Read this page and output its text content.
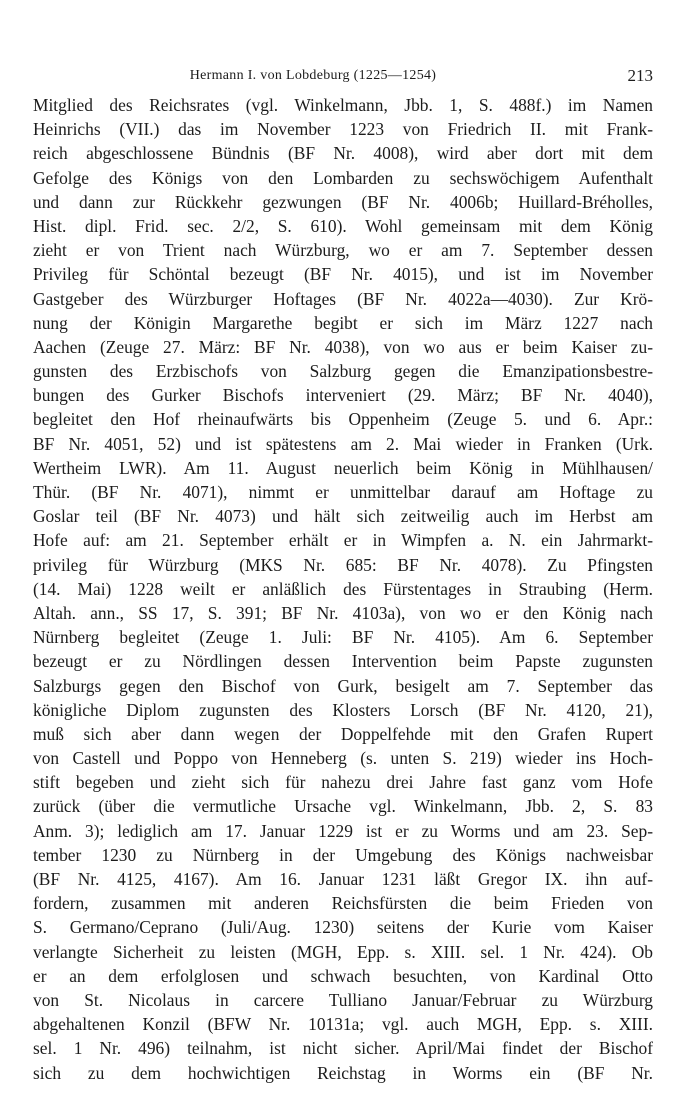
Hermann I. von Lobdeburg (1225—1254)	213
Mitglied des Reichsrates (vgl. Winkelmann, Jbb. 1, S. 488f.) im Namen
Heinrichs (VII.) das im November 1223 von Friedrich II. mit Frank-
reich abgeschlossene Bündnis (BF Nr. 4008), wird aber dort mit dem
Gefolge des Königs von den Lombarden zu sechswöchigem Aufenthalt
und dann zur Rückkehr gezwungen (BF Nr. 4006b; Huillard-Bréholles,
Hist. dipl. Frid. sec. 2/2, S. 610). Wohl gemeinsam mit dem König
zieht er von Trient nach Würzburg, wo er am 7. September dessen
Privileg für Schöntal bezeugt (BF Nr. 4015), und ist im November
Gastgeber des Würzburger Hoftages (BF Nr. 4022a—4030). Zur Krö-
nung der Königin Margarethe begibt er sich im März 1227 nach
Aachen (Zeuge 27. März: BF Nr. 4038), von wo aus er beim Kaiser zu-
gunsten des Erzbischofs von Salzburg gegen die Emanzipationsbestre-
bungen des Gurker Bischofs interveniert (29. März; BF Nr. 4040),
begleitet den Hof rheinaufwärts bis Oppenheim (Zeuge 5. und 6. Apr.:
BF Nr. 4051, 52) und ist spätestens am 2. Mai wieder in Franken (Urk.
Wertheim LWR). Am 11. August neuerlich beim König in Mühlhausen/
Thür. (BF Nr. 4071), nimmt er unmittelbar darauf am Hoftage zu
Goslar teil (BF Nr. 4073) und hält sich zeitweilig auch im Herbst am
Hofe auf: am 21. September erhält er in Wimpfen a. N. ein Jahrmarkt-
privileg für Würzburg (MKS Nr. 685: BF Nr. 4078). Zu Pfingsten
(14. Mai) 1228 weilt er anläßlich des Fürstentages in Straubing (Herm.
Altah. ann., SS 17, S. 391; BF Nr. 4103a), von wo er den König nach
Nürnberg begleitet (Zeuge 1. Juli: BF Nr. 4105). Am 6. September
bezeugt er zu Nördlingen dessen Intervention beim Papste zugunsten
Salzburgs gegen den Bischof von Gurk, besigelt am 7. September das
königliche Diplom zugunsten des Klosters Lorsch (BF Nr. 4120, 21),
muß sich aber dann wegen der Doppelfehde mit den Grafen Rupert
von Castell und Poppo von Henneberg (s. unten S. 219) wieder ins Hoch-
stift begeben und zieht sich für nahezu drei Jahre fast ganz vom Hofe
zurück (über die vermutliche Ursache vgl. Winkelmann, Jbb. 2, S. 83
Anm. 3); lediglich am 17. Januar 1229 ist er zu Worms und am 23. Sep-
tember 1230 zu Nürnberg in der Umgebung des Königs nachweisbar
(BF Nr. 4125, 4167). Am 16. Januar 1231 läßt Gregor IX. ihn auf-
fordern, zusammen mit anderen Reichsfürsten die beim Frieden von
S. Germano/Ceprano (Juli/Aug. 1230) seitens der Kurie vom Kaiser
verlangte Sicherheit zu leisten (MGH, Epp. s. XIII. sel. 1 Nr. 424). Ob
er an dem erfolglosen und schwach besuchten, von Kardinal Otto
von St. Nicolaus in carcere Tulliano Januar/Februar zu Würzburg
abgehaltenen Konzil (BFW Nr. 10131a; vgl. auch MGH, Epp. s. XIII.
sel. 1 Nr. 496) teilnahm, ist nicht sicher. April/Mai findet der Bischof
sich zu dem hochwichtigen Reichstag in Worms ein (BF Nr.
